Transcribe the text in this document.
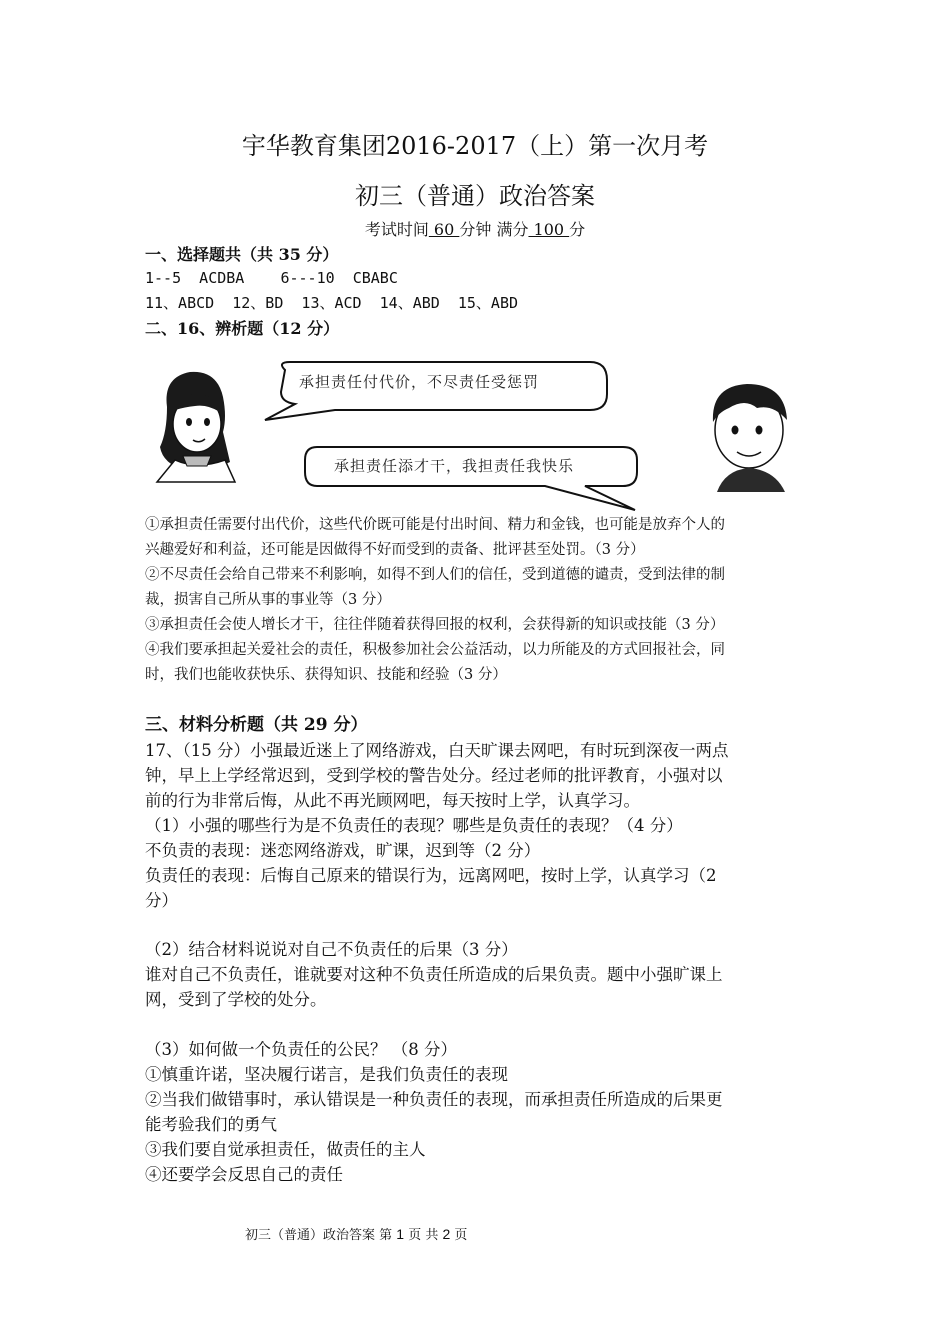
宇华教育集团2016-2017（上）第一次月考
初三（普通）政治答案
考试时间 60 分钟 满分 100 分
一、选择题共（共 35 分）
1--5  ACDBA    6---10  CBABC
11、ABCD  12、BD  13、ACD  14、ABD  15、ABD
二、16、辨析题（12 分）
承担责任付代价，不尽责任受惩罚
承担责任添才干，我担责任我快乐
①承担责任需要付出代价，这些代价既可能是付出时间、精力和金钱，也可能是放弃个人的
兴趣爱好和利益，还可能是因做得不好而受到的责备、批评甚至处罚。（3 分）
②不尽责任会给自己带来不利影响，如得不到人们的信任，受到道德的谴责，受到法律的制
裁，损害自己所从事的事业等（3 分）
③承担责任会使人增长才干，往往伴随着获得回报的权利，会获得新的知识或技能（3 分）
④我们要承担起关爱社会的责任，积极参加社会公益活动，以力所能及的方式回报社会，同
时，我们也能收获快乐、获得知识、技能和经验（3 分）
三、材料分析题（共 29 分）
17、（15 分）小强最近迷上了网络游戏，白天旷课去网吧，有时玩到深夜一两点
钟，早上上学经常迟到，受到学校的警告处分。经过老师的批评教育，小强对以
前的行为非常后悔，从此不再光顾网吧，每天按时上学，认真学习。
（1）小强的哪些行为是不负责任的表现？哪些是负责任的表现？（4 分）
不负责的表现：迷恋网络游戏，旷课，迟到等（2 分）
负责任的表现：后悔自己原来的错误行为，远离网吧，按时上学，认真学习（2
分）
（2）结合材料说说对自己不负责任的后果（3 分）
谁对自己不负责任，谁就要对这种不负责任所造成的后果负责。题中小强旷课上
网，受到了学校的处分。
（3）如何做一个负责任的公民？ （8 分）
①慎重许诺，坚决履行诺言，是我们负责任的表现
②当我们做错事时，承认错误是一种负责任的表现，而承担责任所造成的后果更
能考验我们的勇气
③我们要自觉承担责任，做责任的主人
④还要学会反思自己的责任
初三（普通）政治答案 第 1 页 共 2 页
